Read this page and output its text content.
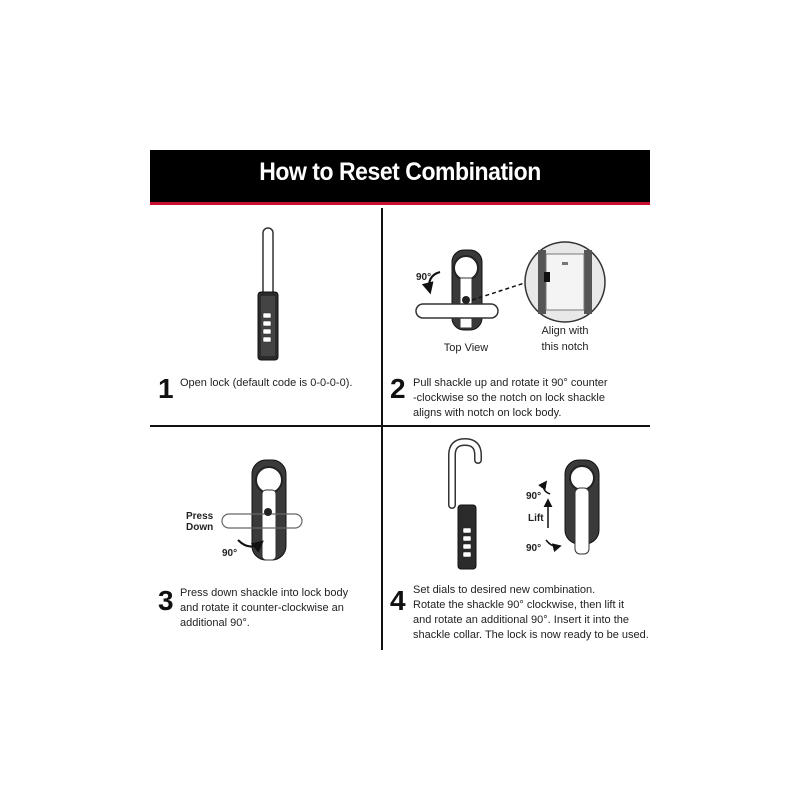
How to Reset Combination
90°
Top View
Align with
this notch
Press
Down
90°
90°
Lift
90°
1 Open lock (default code is 0-0-0-0). 2 Pull shackle up and rotate it 90° counter
-clockwise so the notch on lock shackle
aligns with notch on lock body.
3 Press down shackle into lock body
and rotate it counter-clockwise an
additional 90°.
4 Set dials to desired new combination.
Rotate the shackle 90° clockwise, then lift it
and rotate an additional 90°. Insert it into the
shackle collar. The lock is now ready to be used.
